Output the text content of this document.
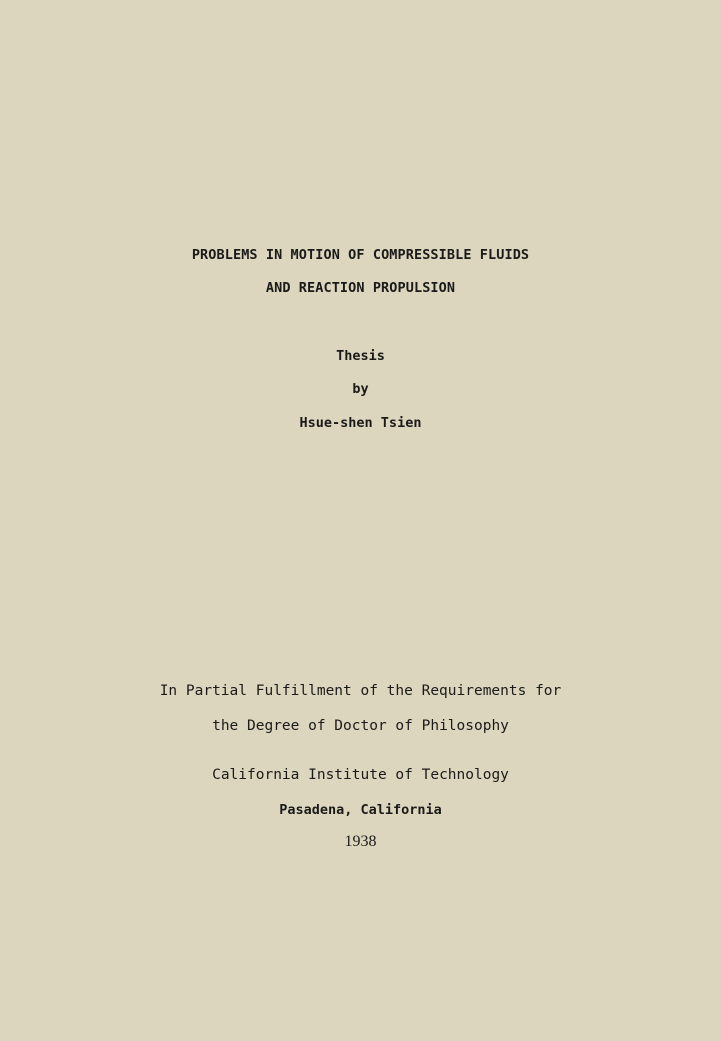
PROBLEMS IN MOTION OF COMPRESSIBLE FLUIDS
AND REACTION PROPULSION
Thesis
by
Hsue-shen Tsien
In Partial Fulfillment of the Requirements for
the Degree of Doctor of Philosophy
California Institute of Technology
Pasadena, California
1938
